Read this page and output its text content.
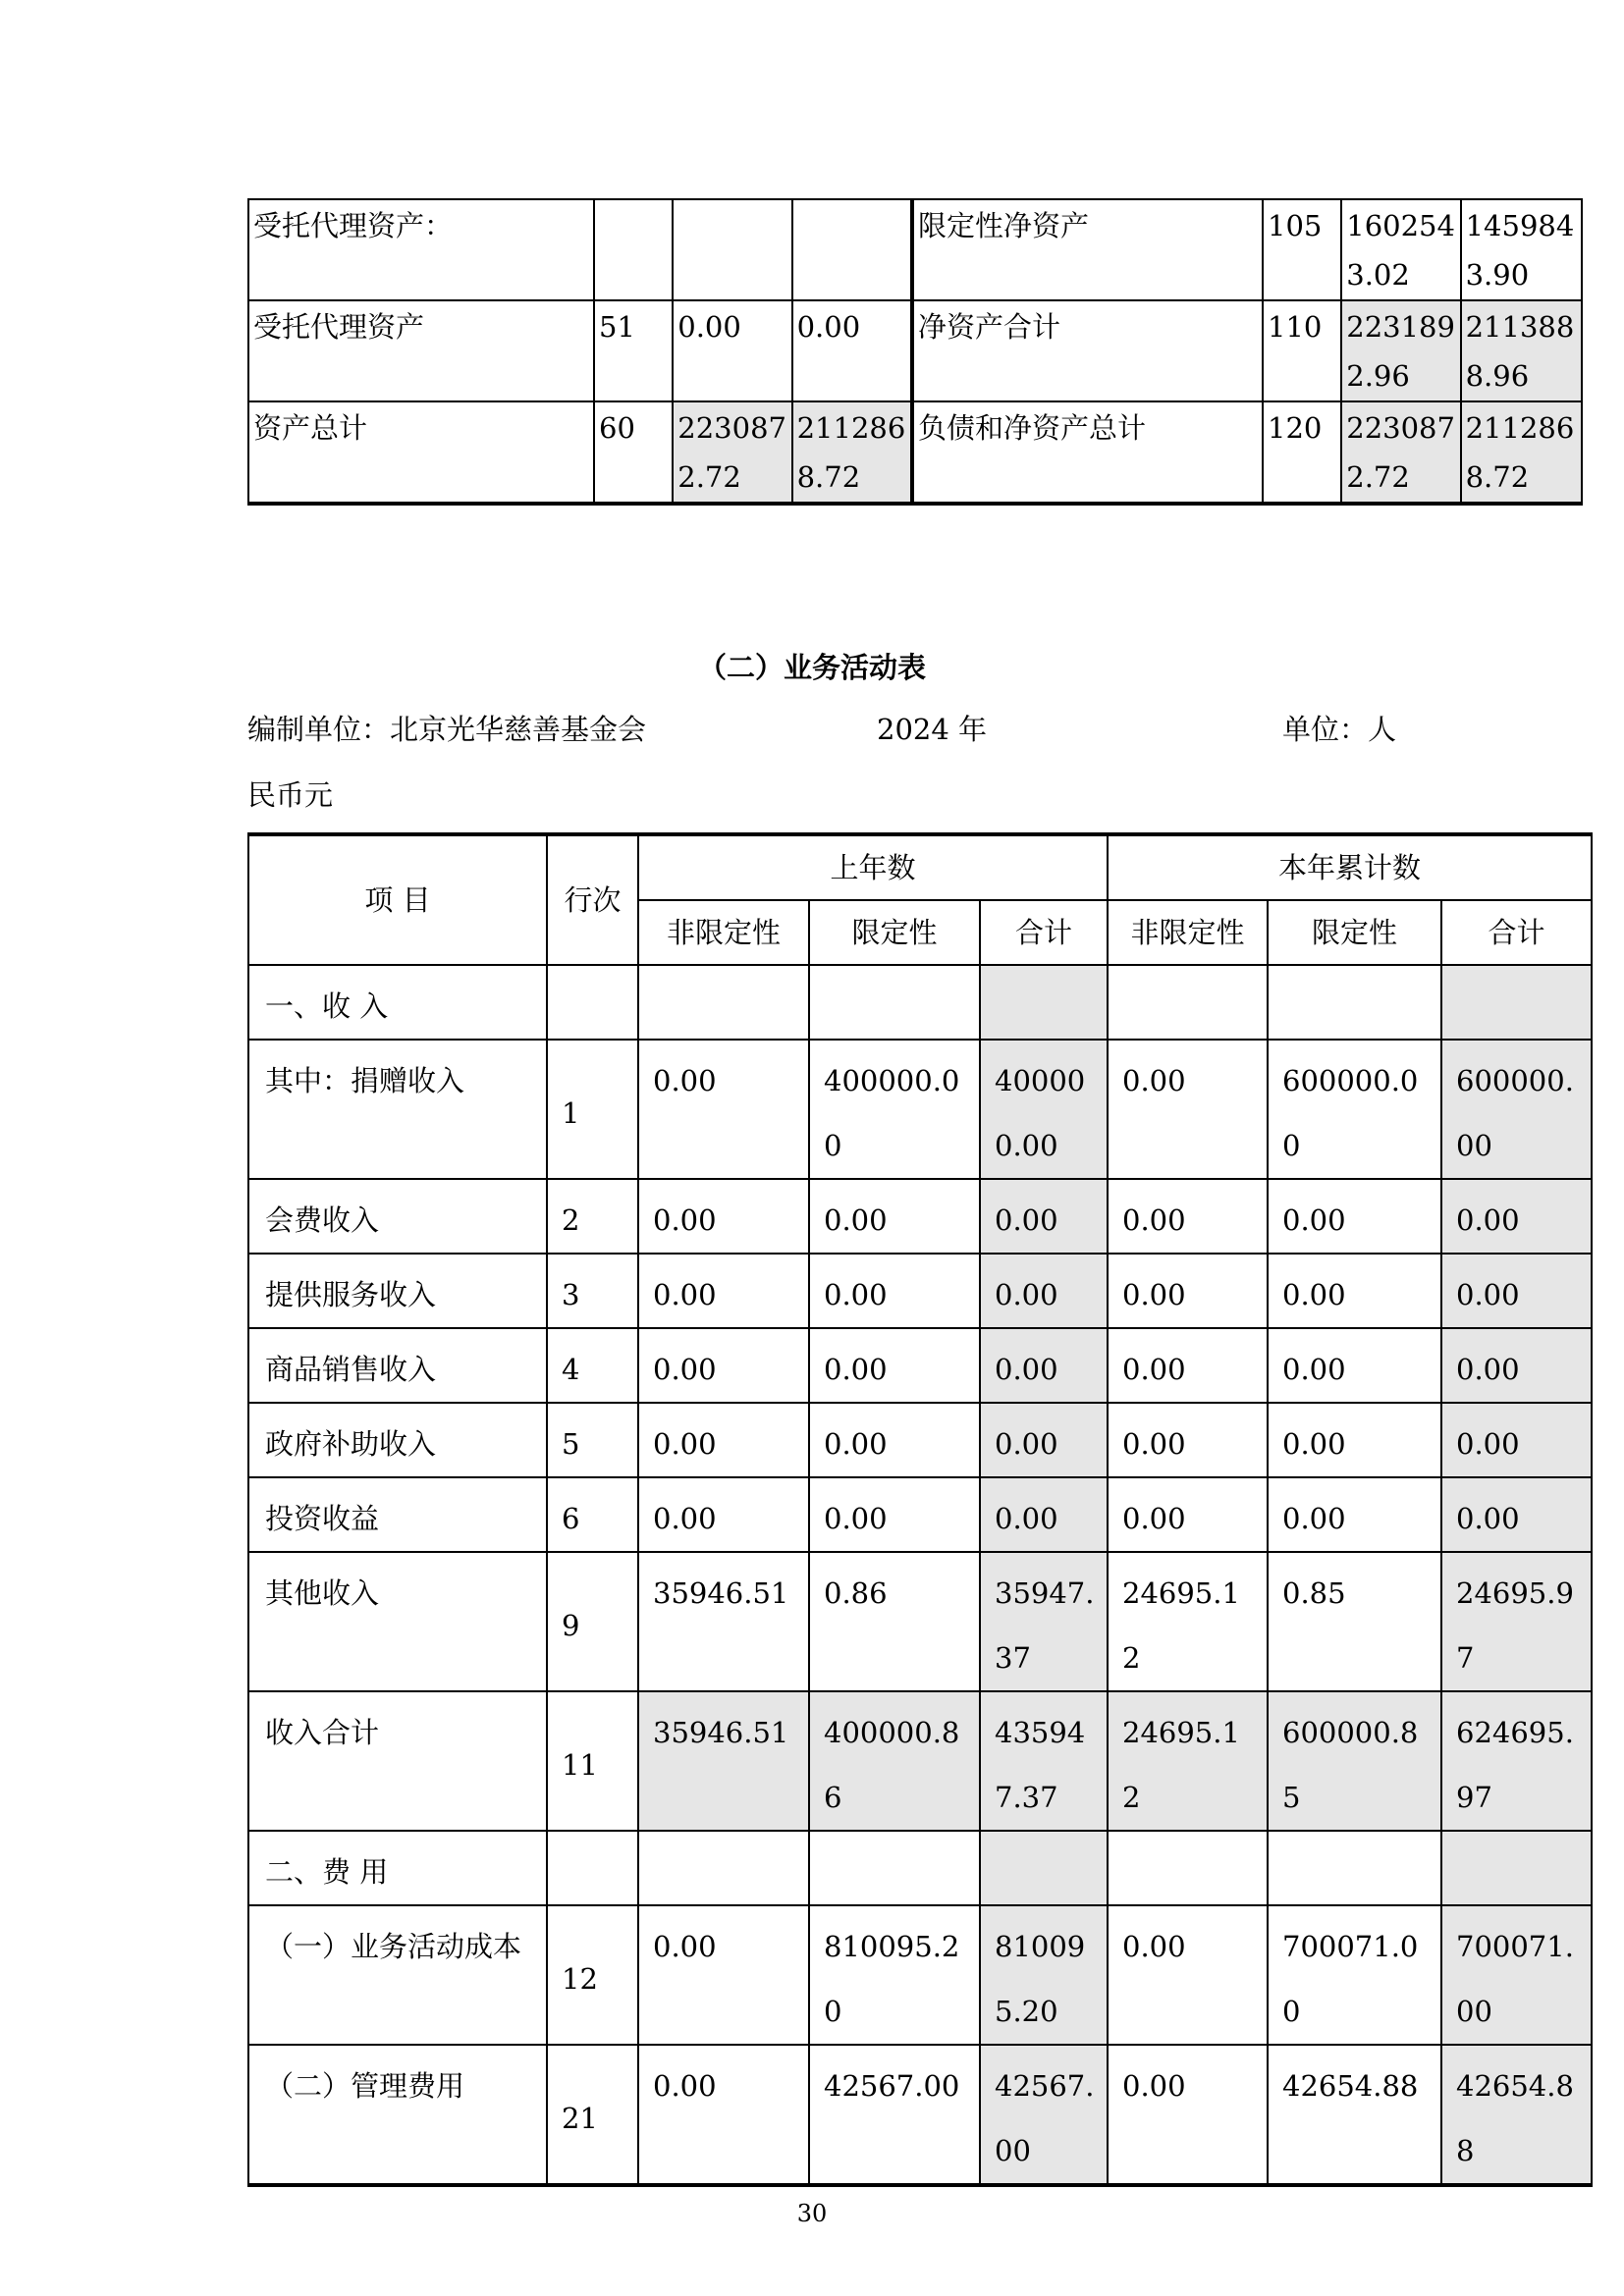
受托代理资产：				限定性净资产	105	1602543.02	1459843.90
受托代理资产	51	0.00	0.00	净资产合计	110	2231892.96	2113888.96
资产总计	60	2230872.72	2112868.72	负债和净资产总计	120	2230872.72	2112868.72
（二）业务活动表
编制单位：北京光华慈善基金会	2024 年	单位：人
民币元
项 目	行次	上年数			本年累计数		
		非限定性	限定性	合计	非限定性	限定性	合计
一、收 入							
其中：捐赠收入	1	0.00	400000.00	400000.00	0.00	600000.00	600000.00
会费收入	2	0.00	0.00	0.00	0.00	0.00	0.00
提供服务收入	3	0.00	0.00	0.00	0.00	0.00	0.00
商品销售收入	4	0.00	0.00	0.00	0.00	0.00	0.00
政府补助收入	5	0.00	0.00	0.00	0.00	0.00	0.00
投资收益	6	0.00	0.00	0.00	0.00	0.00	0.00
其他收入	9	35946.51	0.86	35947.37	24695.12	0.85	24695.97
收入合计	11	35946.51	400000.86	435947.37	24695.12	600000.85	624695.97
二、费 用							
（一）业务活动成本	12	0.00	810095.20	810095.20	0.00	700071.00	700071.00
（二）管理费用	21	0.00	42567.00	42567.00	0.00	42654.88	42654.88
30
